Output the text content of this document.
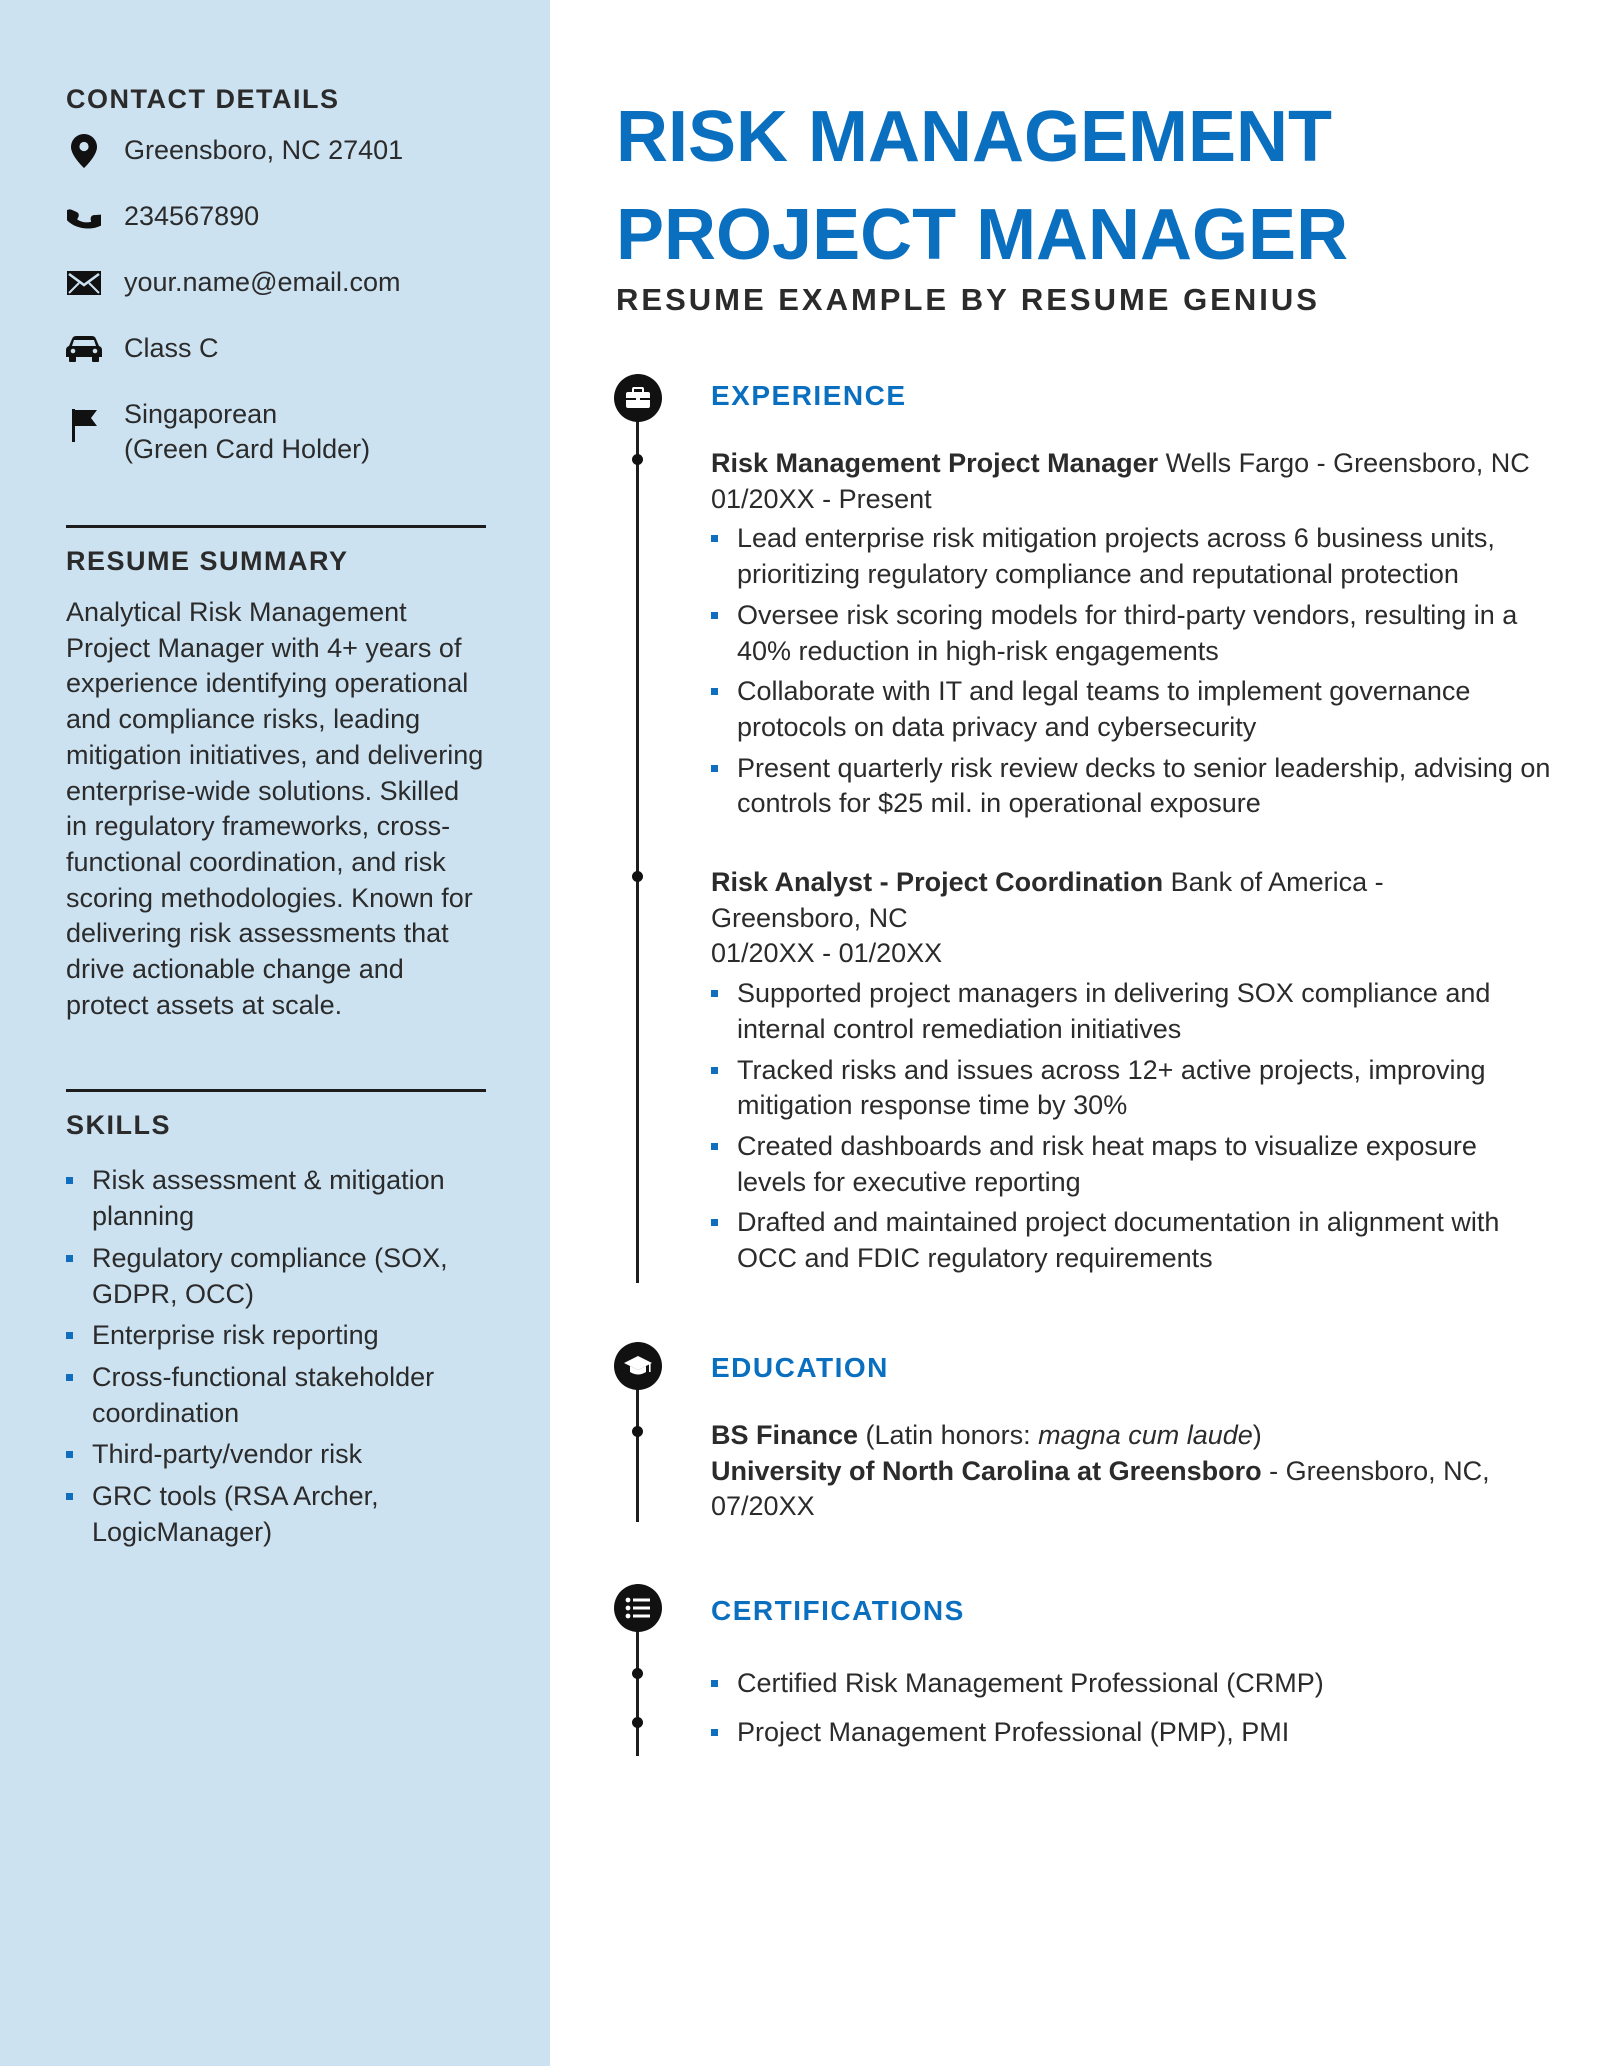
CONTACT DETAILS
Greensboro, NC 27401
234567890
your.name@email.com
Class C
Singaporean
(Green Card Holder)
RESUME SUMMARY
Analytical Risk Management Project Manager with 4+ years of experience identifying operational and compliance risks, leading mitigation initiatives, and delivering enterprise-wide solutions. Skilled in regulatory frameworks, cross-functional coordination, and risk scoring methodologies. Known for delivering risk assessments that drive actionable change and protect assets at scale.
SKILLS
Risk assessment & mitigation planning
Regulatory compliance (SOX, GDPR, OCC)
Enterprise risk reporting
Cross-functional stakeholder coordination
Third-party/vendor risk
GRC tools (RSA Archer, LogicManager)
RISK MANAGEMENT
PROJECT MANAGER
RESUME EXAMPLE BY RESUME GENIUS
EXPERIENCE
Risk Management Project Manager Wells Fargo - Greensboro, NC
01/20XX - Present
Lead enterprise risk mitigation projects across 6 business units, prioritizing regulatory compliance and reputational protection
Oversee risk scoring models for third-party vendors, resulting in a 40% reduction in high-risk engagements
Collaborate with IT and legal teams to implement governance protocols on data privacy and cybersecurity
Present quarterly risk review decks to senior leadership, advising on controls for $25 mil. in operational exposure
Risk Analyst - Project Coordination Bank of America - Greensboro, NC
01/20XX - 01/20XX
Supported project managers in delivering SOX compliance and internal control remediation initiatives
Tracked risks and issues across 12+ active projects, improving mitigation response time by 30%
Created dashboards and risk heat maps to visualize exposure levels for executive reporting
Drafted and maintained project documentation in alignment with OCC and FDIC regulatory requirements
EDUCATION
BS Finance (Latin honors: magna cum laude)
University of North Carolina at Greensboro - Greensboro, NC, 07/20XX
CERTIFICATIONS
Certified Risk Management Professional (CRMP)
Project Management Professional (PMP), PMI
